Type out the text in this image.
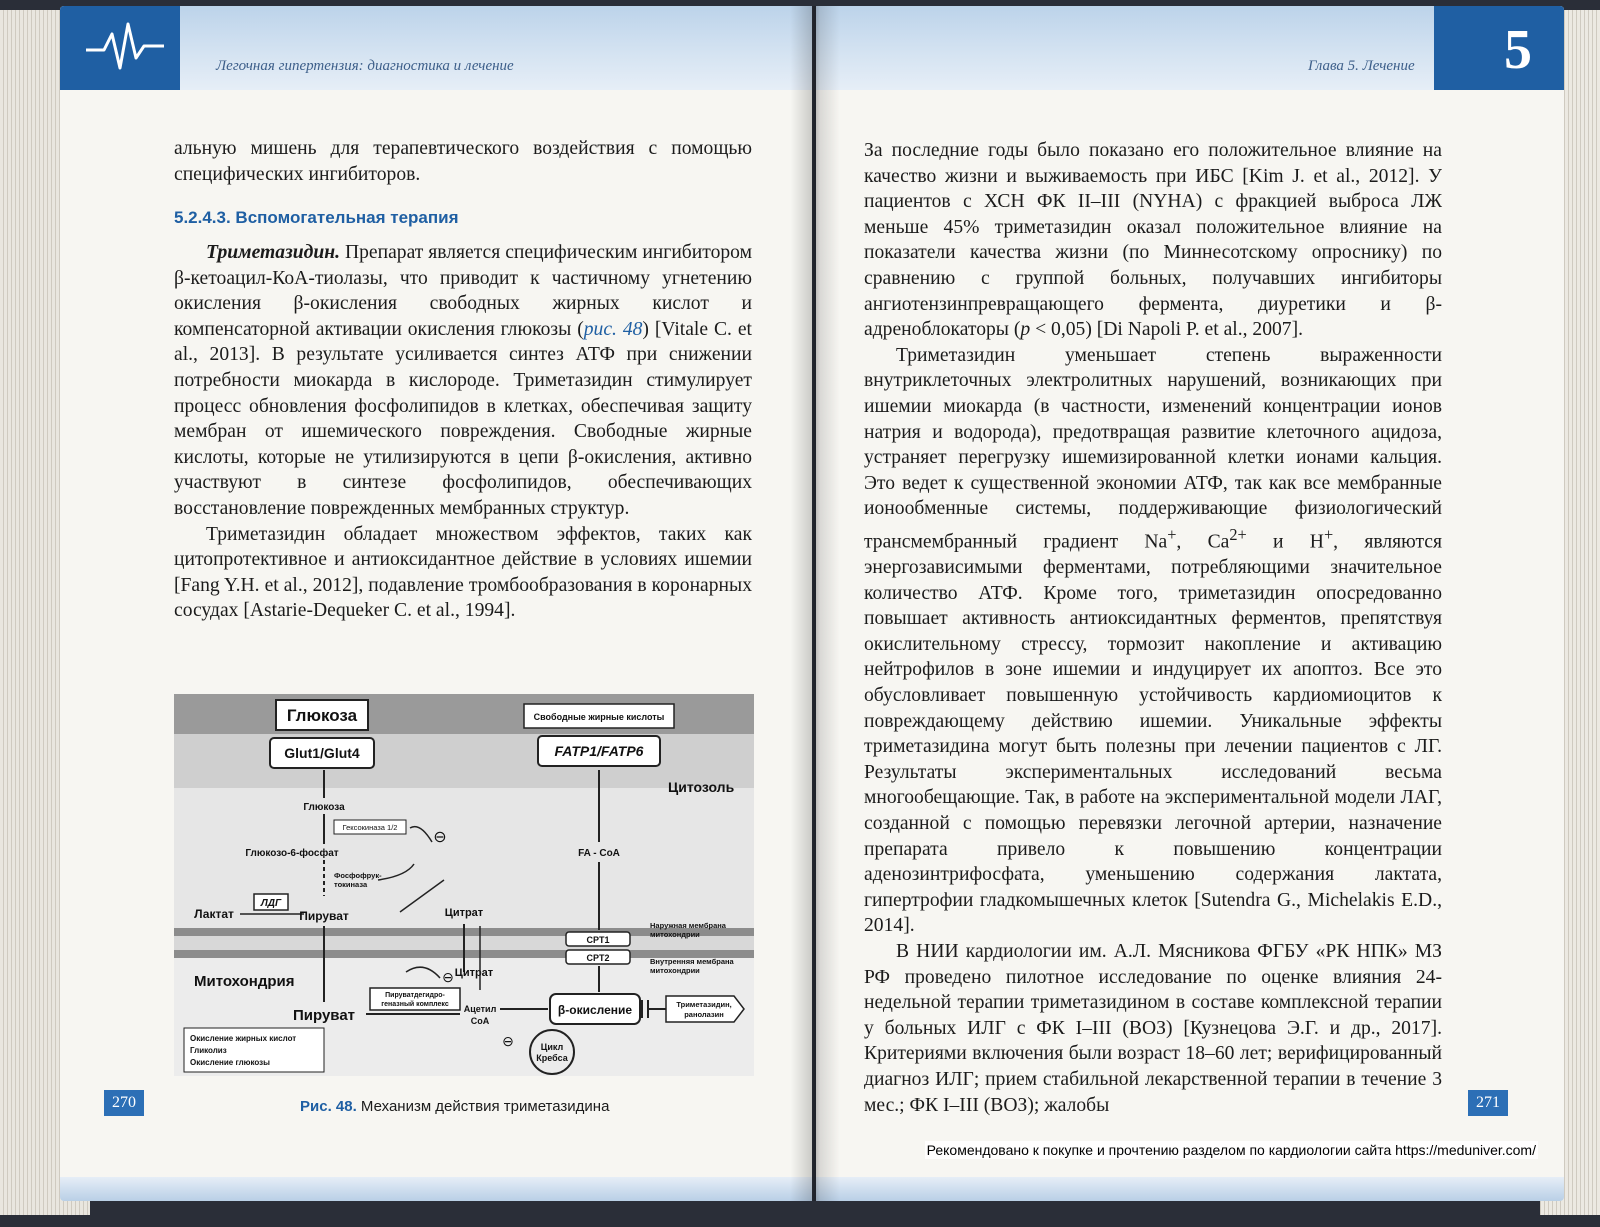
Легочная гипертензия: диагностика и лечение

альную мишень для терапевтического воздействия с помощью специфических ингибиторов.

5.2.4.3. Вспомогательная терапия

Триметазидин. Препарат является специфическим ингибитором β-кетоацил-КоА-тиолазы, что приводит к частичному угнетению окисления β-окисления свободных жирных кислот и компенсаторной активации окисления глюкозы (рис. 48) [Vitale C. et al., 2013]. В результате усиливается синтез АТФ при снижении потребности миокарда в кислороде. Триметазидин стимулирует процесс обновления фосфолипидов в клетках, обеспечивая защиту мембран от ишемического повреждения. Свободные жирные кислоты, которые не утилизируются в цепи β-окисления, активно участвуют в синтезе фосфолипидов, обеспечивающих восстановление поврежденных мембранных структур.

Триметазидин обладает множеством эффектов, таких как цитопротективное и антиоксидантное действие в условиях ишемии [Fang Y.H. et al., 2012], подавление тромбообразования в коронарных сосудах [Astarie-Dequeker C. et al., 1994].

Глюкоза
Glut1/Glut4
Свободные жирные кислоты
FATP1/FATP6
Цитозоль
Глюкоза
Гексокиназа 1/2
⊖
Глюкозо-6-фосфат
Фосфофрук-
токиназа
ЛДГ
Лактат	Пируват	Цитрат
FA - CoA
Наружная мембрана
митохондрии
CPT1
CPT2	Внутренняя мембрана
митохондрии
Митохондрия	Цитрат
⊖
Пируватдегидро-
геназный комплекс	β-окисление	Триметазидин,
ранолазин
Пируват	Ацетил
CoA
⊖	Цикл
Кребса
Окисление жирных кислот
Гликолиз
Окисление глюкозы
Рис. 48. Механизм действия триметазидина
270
Глава 5. Лечение 5

За последние годы было показано его положительное влияние на качество жизни и выживаемость при ИБС [Kim J. et al., 2012]. У пациентов с ХСН ФК II–III (NYHA) с фракцией выброса ЛЖ меньше 45% триметазидин оказал положительное влияние на показатели качества жизни (по Миннесотскому опроснику) по сравнению с группой больных, получавших ингибиторы ангиотензинпревращающего фермента, диуретики и β-адреноблокаторы (p < 0,05) [Di Napoli P. et al., 2007].

Триметазидин уменьшает степень выраженности внутриклеточных электролитных нарушений, возникающих при ишемии миокарда (в частности, изменений концентрации ионов натрия и водорода), предотвращая развитие клеточного ацидоза, устраняет перегрузку ишемизированной клетки ионами кальция. Это ведет к существенной экономии АТФ, так как все мембранные ионообменные системы, поддерживающие физиологический трансмембранный градиент Na+, $Ca^{2+}$ и H+, являются энергозависимыми ферментами, потребляющими значительное количество АТФ. Кроме того, триметазидин опосредованно повышает активность антиоксидантных ферментов, препятствуя окислительному стрессу, тормозит накопление и активацию нейтрофилов в зоне ишемии и индуцирует их апоптоз. Все это обусловливает повышенную устойчивость кардиомиоцитов к повреждающему действию ишемии. Уникальные эффекты триметазидина могут быть полезны при лечении пациентов с ЛГ. Результаты экспериментальных исследований весьма многообещающие. Так, в работе на экспериментальной модели ЛАГ, созданной с помощью перевязки легочной артерии, назначение препарата привело к повышению концентрации аденозинтрифосфата, уменьшению содержания лактата, гипертрофии гладкомышечных клеток [Sutendra G., Michelakis E.D., 2014].

В НИИ кардиологии им. А.Л. Мясникова ФГБУ «РК НПК» МЗ РФ проведено пилотное исследование по оценке влияния 24-недельной терапии триметазидином в составе комплексной терапии у больных ИЛГ с ФК I–III (ВОЗ) [Кузнецова Э.Г. и др., 2017]. Критериями включения были возраст 18–60 лет; верифицированный диагноз ИЛГ; прием стабильной лекарственной терапии в течение 3 мес.; ФК I–III (ВОЗ); жалобы	271
Рекомендовано к покупке и прочтению разделом по кардиологии сайта https://meduniver.com/
